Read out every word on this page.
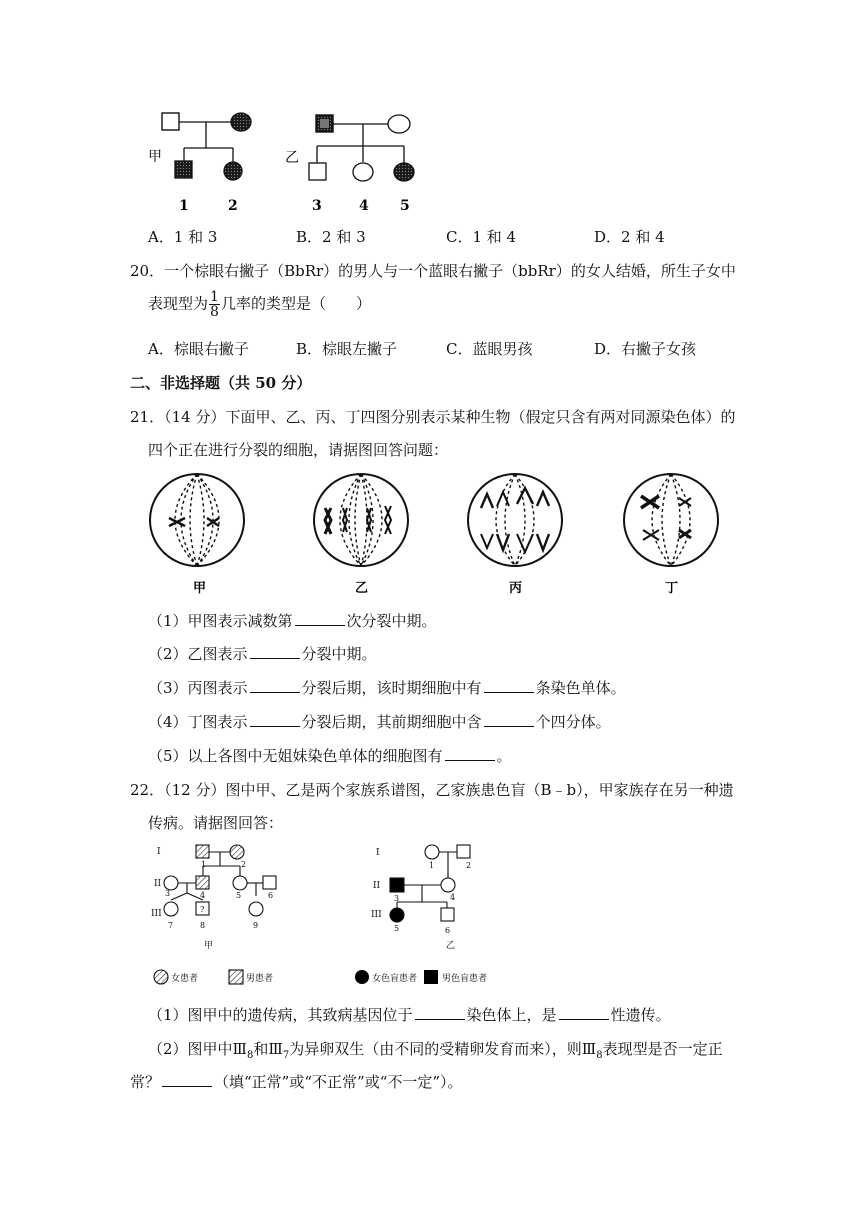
甲	乙
1	2	3	4 5
A．1 和 3	B．2 和 3	C．1 和 4	D．2 和 4
20．一个棕眼右撇子（BbRr）的男人与一个蓝眼右撇子（bbRr）的女人结婚，所生子女中
表现型为 $\frac{1}{8}$ 几率的类型是（　　）
A．棕眼右撇子	B．棕眼左撇子	C．蓝眼男孩	D．右撇子女孩
二、非选择题（共 50 分）
21．（14 分）下面甲、乙、丙、丁四图分别表示某种生物（假定只含有两对同源染色体）的
四个正在进行分裂的细胞，请据图回答问题：
甲	乙	丙	丁
（1）甲图表示减数第	次分裂中期。
（2）乙图表示	分裂中期。
（3）丙图表示	分裂后期，该时期细胞中有	条染色单体。
（4）丁图表示	分裂后期，其前期细胞中含	个四分体。
（5）以上各图中无姐妹染色单体的细胞图有	。
22．（12 分）图中甲、乙是两个家族系谱图，乙家族患色盲（B﹣b），甲家族存在另一种遗
传病。请据图回答：
I
II
III
1	2
3	4	5	6
7	8	9
?
甲
I
II
III
1	2
3	4
5	6
乙
女患者	男患者	女色盲患者	男色盲患者
（1）图甲中的遗传病，其致病基因位于	染色体上，是	性遗传。
（2）图甲中$Ⅲ_8$和$Ⅲ_7$为异卵双生（由不同的受精卵发育而来），则$Ⅲ_8$表现型是否一定正
常？	（填“正常”或“不正常”或“不一定”）。
